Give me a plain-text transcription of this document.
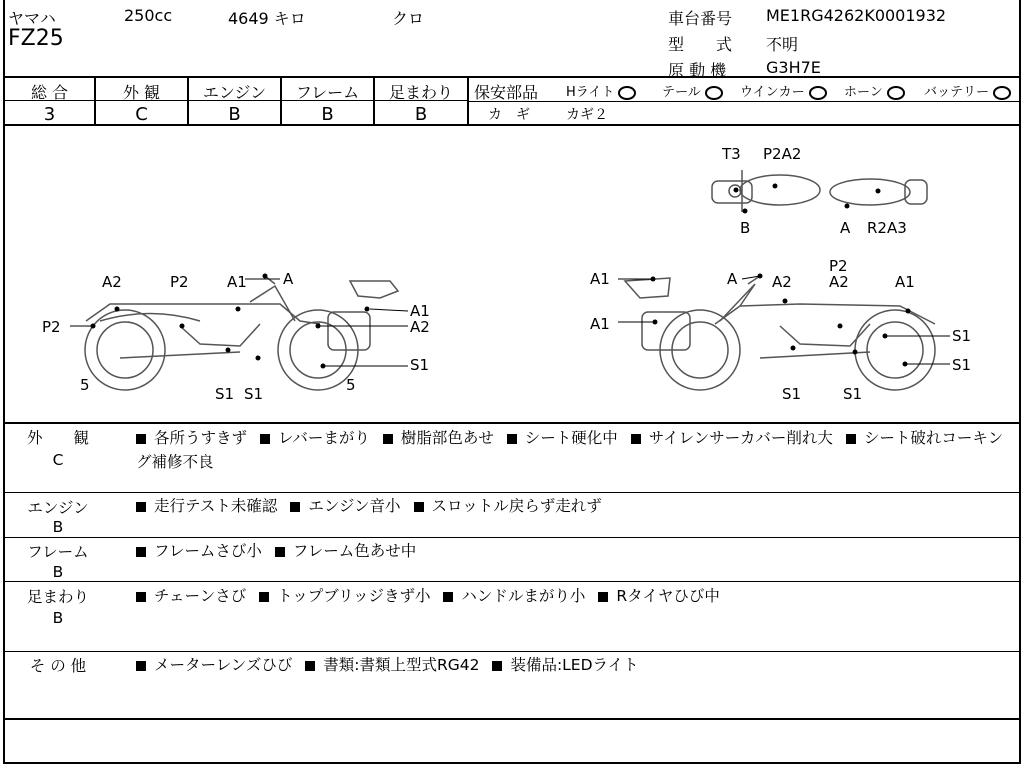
ヤマハ	250cc	4649 キロ	クロ
FZ25
車台番号 ME1RG4262K0001932
型　　式 不明
原 動 機 G3H7E
総 合	外 観	エンジン	フレーム	足まわり
3	C	B	B	B
保安部品 Hライト	テール	ウインカー	ホーン	バッテリー
カ　ギ	カギ２
T3 P2A2
B	A R2A3
A2	P2	A1 A
A1
A2
P2
S1
S1
5	5
S1
A1	A A2
P2
A2	A1
A1
S1
S1
S1	S1
外　　観
C
各所うすきず レバーまがり 樹脂部色あせ シート硬化中 サイレンサーカバー削れ大 シート破れコーキング補修不良
エンジン
B
走行テスト未確認 エンジン音小 スロットル戻らず走れず
フレーム
B
フレームさび小 フレーム色あせ中
足まわり
B
チェーンさび トップブリッジきず小 ハンドルまがり小 Rタイヤひび中
そ の 他	メーターレンズひび 書類:書類上型式RG42 装備品:LEDライト
